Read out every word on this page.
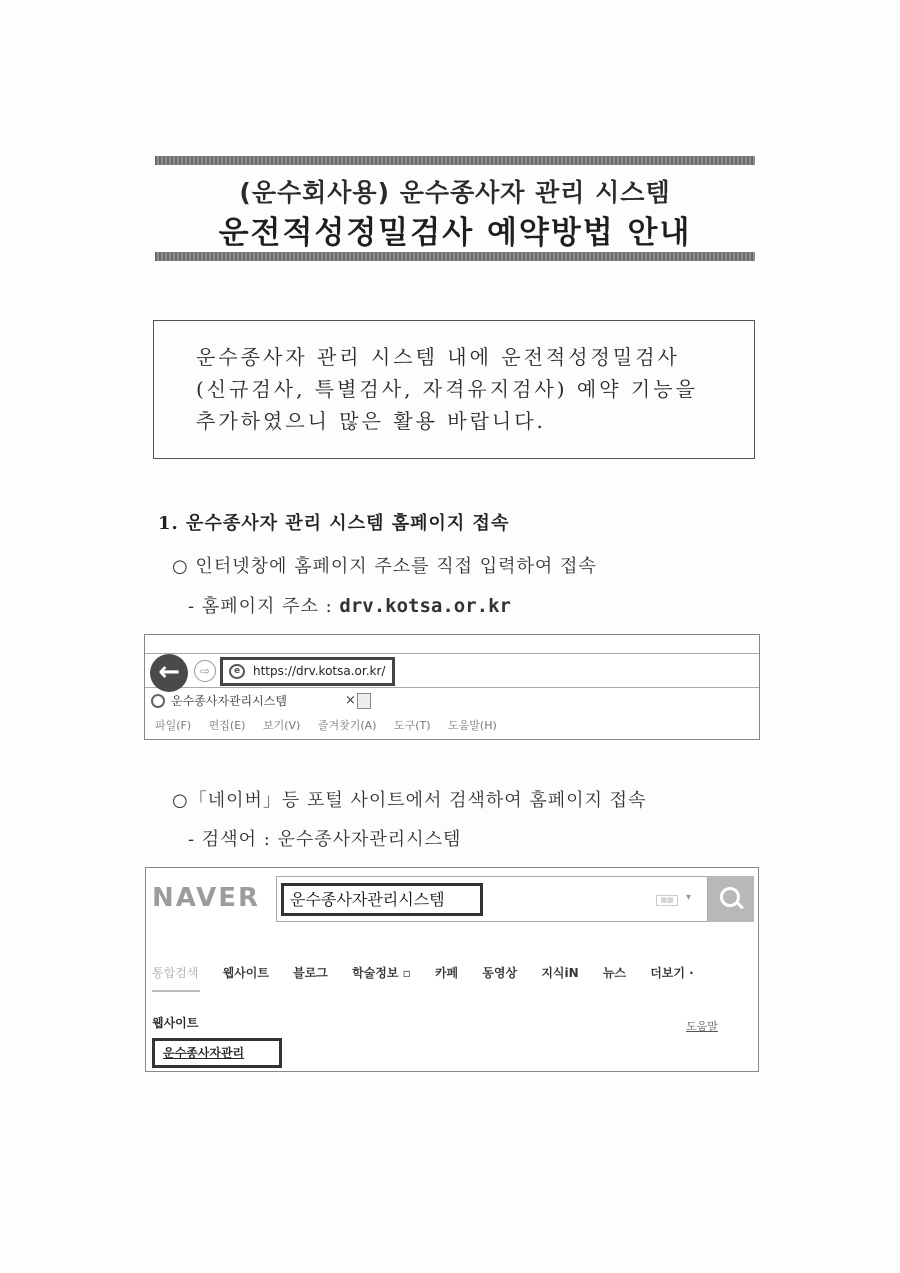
(운수회사용) 운수종사자 관리 시스템
운전적성정밀검사 예약방법 안내
운수종사자 관리 시스템 내에 운전적성정밀검사
(신규검사, 특별검사, 자격유지검사) 예약 기능을
추가하였으니 많은 활용 바랍니다.
1. 운수종사자 관리 시스템 홈페이지 접속
○ 인터넷창에 홈페이지 주소를 직접 입력하여 접속
- 홈페이지 주소 : drv.kotsa.or.kr
←	⇨	e	https://drv.kotsa.or.kr/
운수종사자관리시스템	×
파일(F) 편집(E) 보기(V) 즐겨찾기(A) 도구(T) 도움말(H)
○「네이버」등 포털 사이트에서 검색하여 홈페이지 접속
- 검색어 : 운수종사자관리시스템
NAVER	운수종사자관리시스템	▦▦	▾
통합검색 웹사이트 블로그 학술정보 ▫ 카페 동영상 지식iN 뉴스 더보기 ·
웹사이트	도움말
운수종사자관리
